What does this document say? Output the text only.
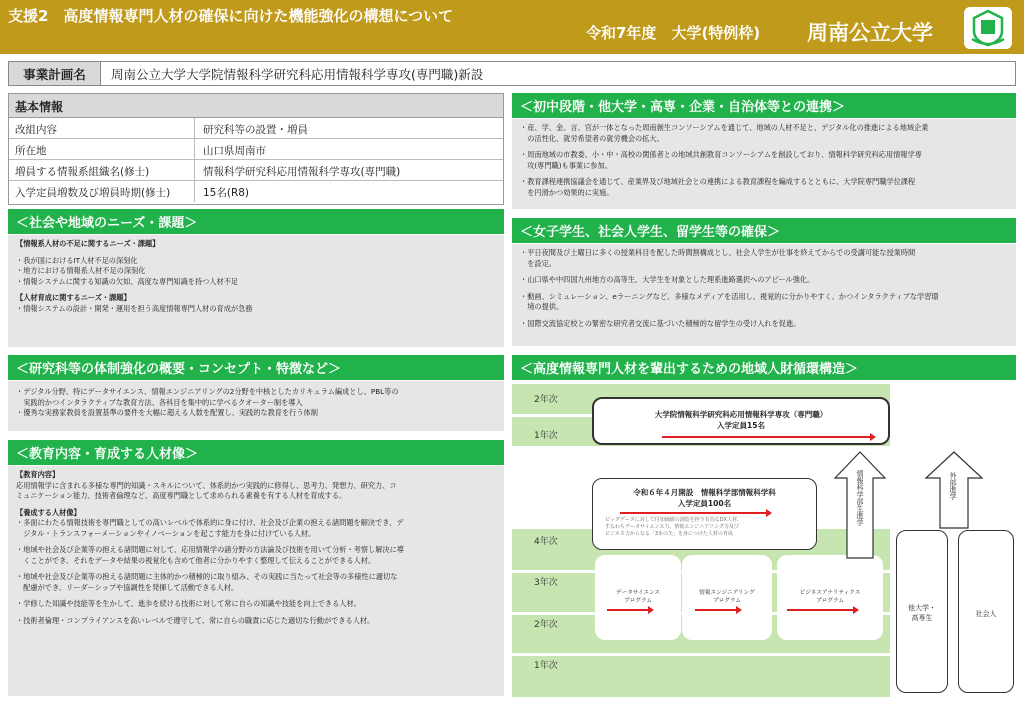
支援2　高度情報専門人材の確保に向けた機能強化の構想について
令和7年度　大学(特例枠) 周南公立大学
事業計画名	周南公立大学大学院情報科学研究科応用情報科学専攻(専門職)新設
基本情報
改組内容	研究科等の設置・増員
所在地	山口県周南市
増員する情報系組織名(修士)	情報科学研究科応用情報科学専攻(専門職)
入学定員増数及び増員時期(修士)	15名(R8)
＜社会や地域のニーズ・課題＞

【情報系人材の不足に関するニーズ・課題】

・我が国におけるIT人材不足の深刻化

・地方における情報系人材不足の深刻化

・情報システムに関する知識の欠如、高度な専門知識を持つ人材不足

【人材育成に関するニーズ・課題】

・情報システムの設計・開発・運用を担う高度情報専門人材の育成が急務

＜研究科等の体制強化の概要・コンセプト・特徴など＞

・デジタル分野、特にデータサイエンス、情報エンジニアリングの2分野を中核としたカリキュラム編成とし、PBL等の

　実践的かつインタラクティブな教育方法、各科目を集中的に学べるクオーター制を導入

・優秀な実務家教員を設置基準の要件を大幅に超える人数を配置し、実践的な教育を行う体制

＜教育内容・育成する人材像＞

【教育内容】

応用情報学に含まれる多様な専門的知識・スキルについて、体系的かつ実践的に修得し、思考力、発想力、研究力、コ

ミュニケーション能力、技術者倫理など、高度専門職として求められる素養を有する人材を育成する。

【養成する人材像】

・多面にわたる情報技術を専門職としての高いレベルで体系的に身に付け、社会及び企業の抱える諸問題を解決でき、デ

　ジタル・トランスフォーメーションやイノベーションを起こす能力を身に付けている人材。

・地域や社会及び企業等の抱える諸問題に対して、応用情報学の諸分野の方法論及び技術を用いて分析・考察し解決に導

　くことができ、それをデータや結果の視覚化も含めて他者に分かりやすく整理して伝えることができる人材。

・地域や社会及び企業等の抱える諸問題に主体的かつ積極的に取り組み、その実践に当たって社会等の多様性に適切な

　配慮ができ、リーダーシップや協調性を発揮して活動できる人材。

・学修した知識や技能等を生かして、進歩を続ける技術に対して常に自らの知識や技能を向上できる人材。

・技術者倫理・コンプライアンスを高いレベルで遵守して、常に自らの職責に応じた適切な行動ができる人材。

＜初中段階・他大学・高専・企業・自治体等との連携＞

・産、学、金、言、官が一体となった周南創生コンソーシアムを通じて、地域の人材不足と、デジタル化の推進による地域企業

　の活性化、就労希望者の就労機会の拡大。

・周南地域の市教委、小・中・高校の関係者との地域共創教育コンソーシアムを創設しており、情報科学研究科応用情報学専

　攻(専門職)も事業に参加。

・教育課程連携協議会を通じて、産業界及び地域社会との連携による教育課程を編成するとともに、大学院専門職学位課程

　を円滑かつ効果的に実施。

＜女子学生、社会人学生、留学生等の確保＞

・平日夜間及び土曜日に多くの授業科目を配した時間割構成とし、社会人学生が仕事を終えてからでの受講可能な授業時間

　を設定。

・山口県や中四国九州地方の高等生、大学生を対象とした理系進路選択へのアピール強化。

・動画、シミュレーション、eラーニングなど、多様なメディアを活用し、視覚的に分かりやすく、かつインタラクティブな学習環

　境の提供。

・国際交流協定校との緊密な研究者交流に基づいた積極的な留学生の受け入れを促進。

＜高度情報専門人材を輩出するための地域人財循環構造＞
2年次
1年次
4年次
3年次
2年次
1年次
大学院情報科学研究科応用情報科学専攻（専門職）
入学定員15名
令和６年４月開設　情報科学部情報科学科
入学定員100名
ビッグデータに対して付加価値の創造を担う有為なDX人材、
すなわちデータサイエンス力、情報エンジニアリング力及び
ビジネス力からなる「3本の矢」を身につけた人材の育成
データサイエンス
プログラム
情報エンジニアリング
プログラム
ビジネスアナリティクス
プログラム
情報科学部生進学	外部進学
他大学・
高専生	社会人
